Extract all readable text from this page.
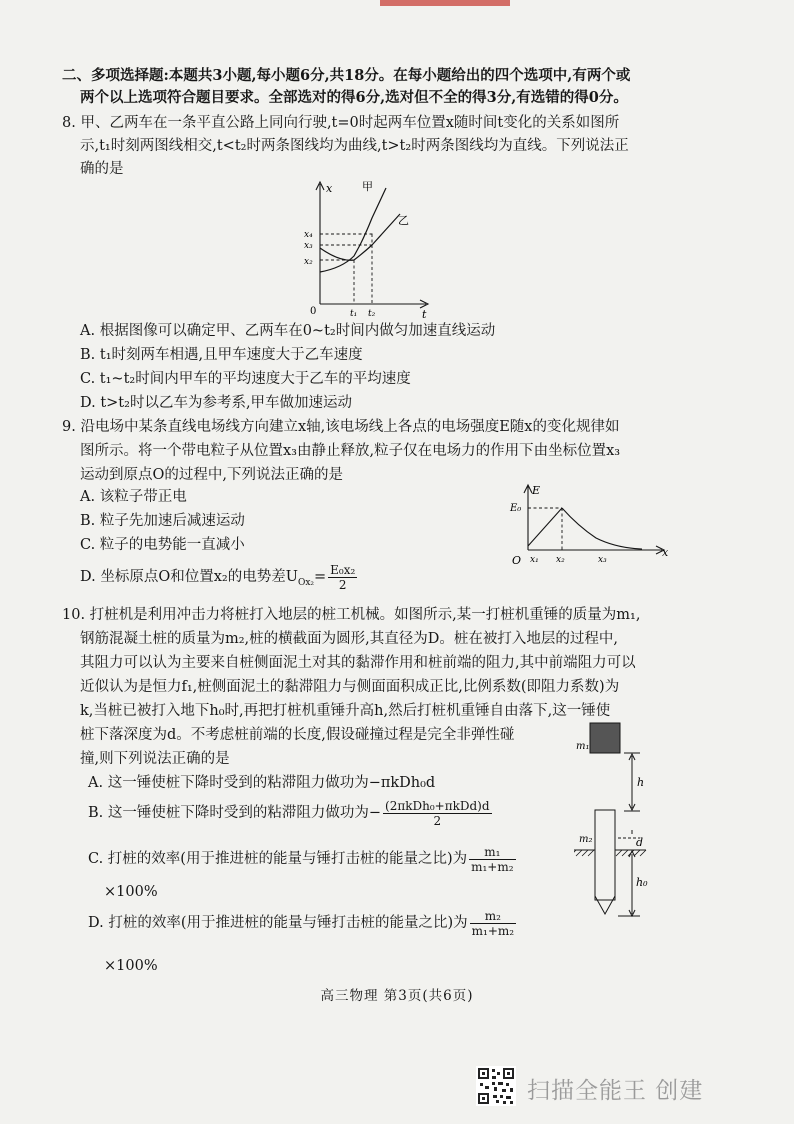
二、多项选择题:本题共3小题,每小题6分,共18分。在每小题给出的四个选项中,有两个或
两个以上选项符合题目要求。全部选对的得6分,选对但不全的得3分,有选错的得0分。
8. 甲、乙两车在一条平直公路上同向行驶,t=0时起两车位置x随时间t变化的关系如图所
示,t₁时刻两图线相交,t<t₂时两条图线均为曲线,t>t₂时两条图线均为直线。下列说法正
确的是
x	甲
乙
x₄
x₃
x₂
0	t₁ t₂	t
A. 根据图像可以确定甲、乙两车在0~t₂时间内做匀加速直线运动
B. t₁时刻两车相遇,且甲车速度大于乙车速度
C. t₁~t₂时间内甲车的平均速度大于乙车的平均速度
D. t>t₂时以乙车为参考系,甲车做加速运动
9. 沿电场中某条直线电场线方向建立x轴,该电场线上各点的电场强度E随x的变化规律如
图所示。将一个带电粒子从位置x₃由静止释放,粒子仅在电场力的作用下由坐标位置x₃
运动到原点O的过程中,下列说法正确的是
A. 该粒子带正电
B. 粒子先加速后减速运动
C. 粒子的电势能一直减小
D. 坐标原点O和位置x₂的电势差$U_{Ox_2}= \frac{\text{E₀x₂}}{2}$
E
E₀
O x₁ x₂	x₃
x
10. 打桩机是利用冲击力将桩打入地层的桩工机械。如图所示,某一打桩机重锤的质量为m₁,
钢筋混凝土桩的质量为m₂,桩的横截面为圆形,其直径为D。桩在被打入地层的过程中,
其阻力可以认为主要来自桩侧面泥土对其的黏滞作用和桩前端的阻力,其中前端阻力可以
近似认为是恒力f₁,桩侧面泥土的黏滞阻力与侧面面积成正比,比例系数(即阻力系数)为
k,当桩已被打入地下h₀时,再把打桩机重锤升高h,然后打桩机重锤自由落下,这一锤使
桩下落深度为d。不考虑桩前端的长度,假设碰撞过程是完全非弹性碰
撞,则下列说法正确的是
A. 这一锤使桩下降时受到的粘滞阻力做功为−πkDh₀d
B. 这一锤使桩下降时受到的粘滞阻力做功为− $\frac{\text{(2πkDh₀+πkDd)d}}{2}$
C. 打桩的效率(用于推进桩的能量与锤打击桩的能量之比)为 $\frac{\text{m₁}}{\text{m₁+m₂}}$
×100%
D. 打桩的效率(用于推进桩的能量与锤打击桩的能量之比)为 $\frac{\text{m₂}}{\text{m₁+m₂}}$
×100%
m₁
h
d
m₂
h₀
高三物理 第3页(共6页)
扫描全能王 创建
